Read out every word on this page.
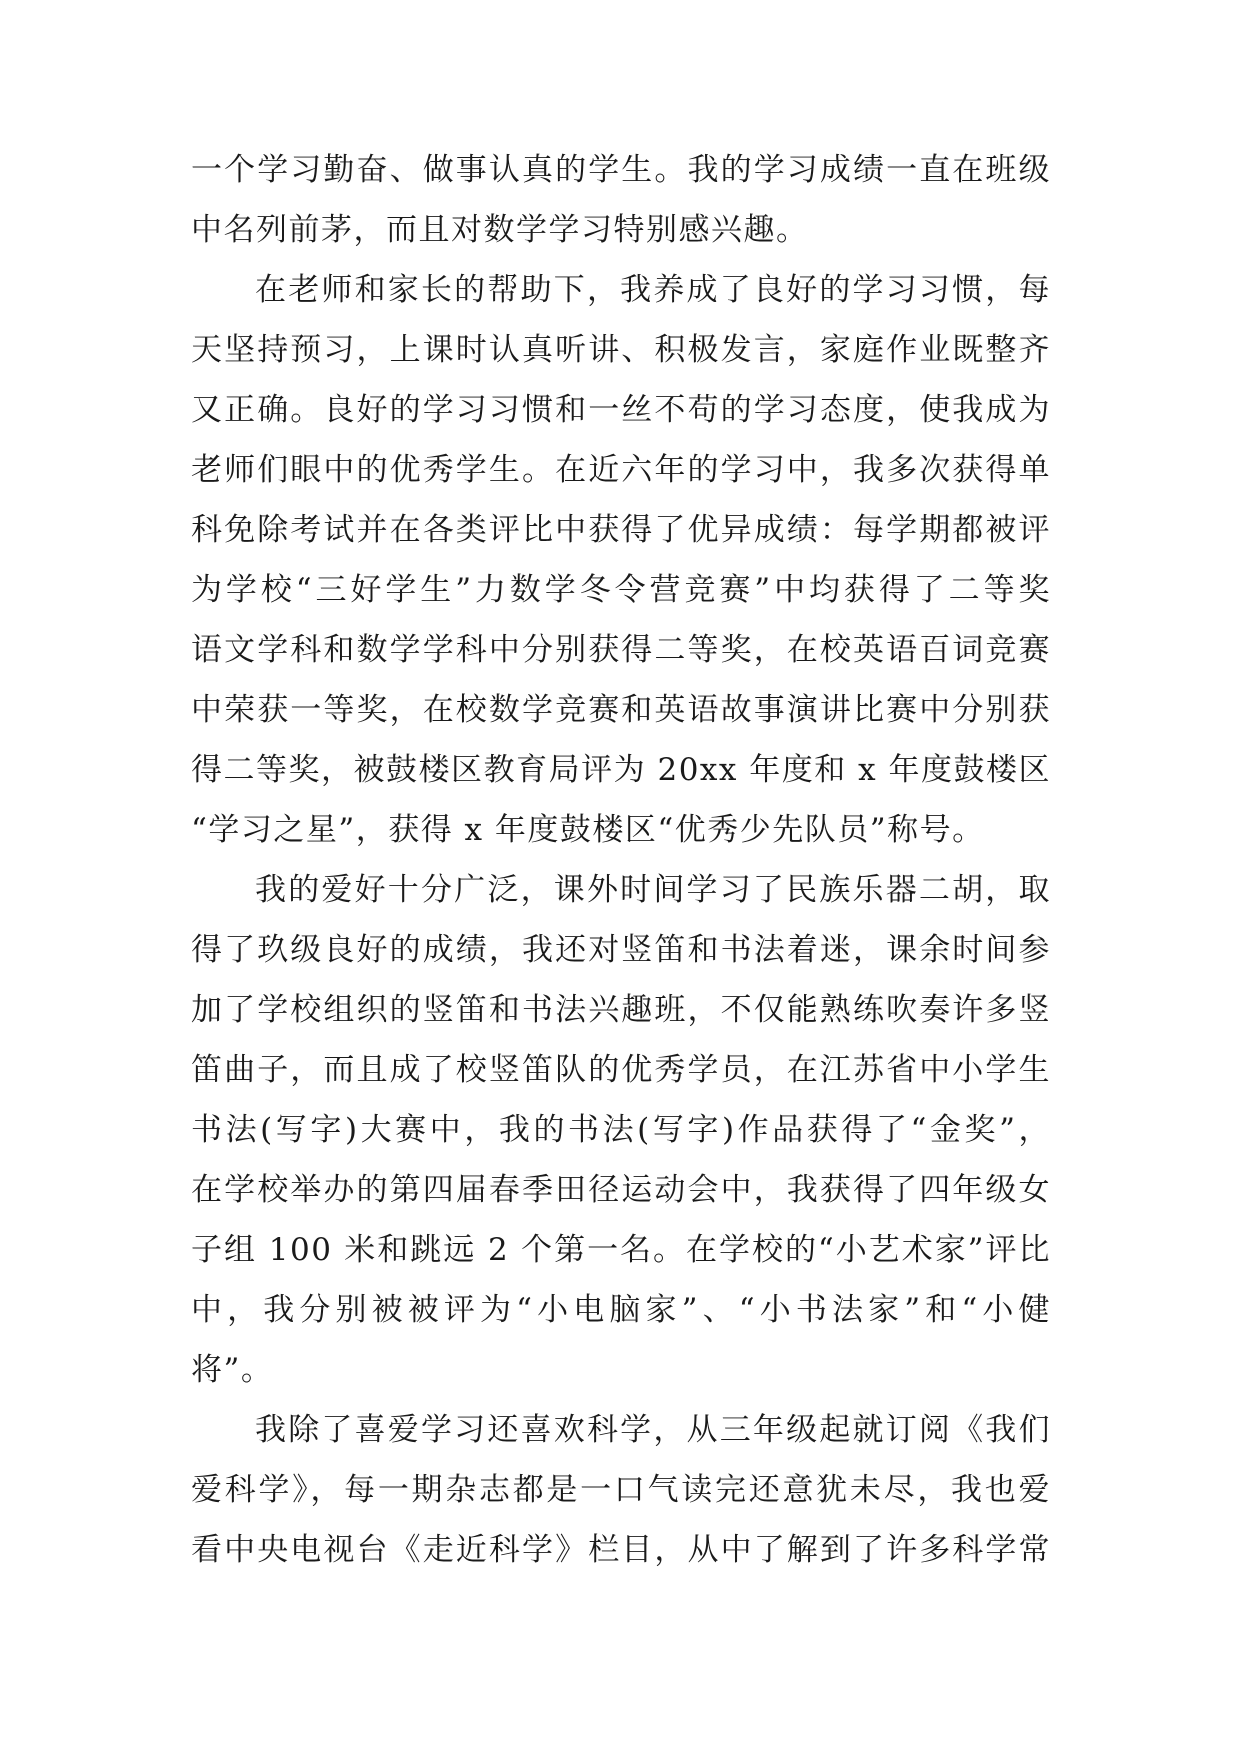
一个学习勤奋、做事认真的学生。我的学习成绩一直在班级
中名列前茅，而且对数学学习特别感兴趣。
在老师和家长的帮助下，我养成了良好的学习习惯，每
天坚持预习，上课时认真听讲、积极发言，家庭作业既整齐
又正确。良好的学习习惯和一丝不苟的学习态度，使我成为
老师们眼中的优秀学生。在近六年的学习中，我多次获得单
科免除考试并在各类评比中获得了优异成绩：每学期都被评
为学校“三好学生”力数学冬令营竞赛”中均获得了二等奖
语文学科和数学学科中分别获得二等奖，在校英语百词竞赛
中荣获一等奖，在校数学竞赛和英语故事演讲比赛中分别获
得二等奖，被鼓楼区教育局评为 20xx 年度和 x 年度鼓楼区
“学习之星”，获得 x 年度鼓楼区“优秀少先队员”称号。
我的爱好十分广泛，课外时间学习了民族乐器二胡，取
得了玖级良好的成绩，我还对竖笛和书法着迷，课余时间参
加了学校组织的竖笛和书法兴趣班，不仅能熟练吹奏许多竖
笛曲子，而且成了校竖笛队的优秀学员，在江苏省中小学生
书法(写字)大赛中，我的书法(写字)作品获得了“金奖”，
在学校举办的第四届春季田径运动会中，我获得了四年级女
子组 100 米和跳远 2 个第一名。在学校的“小艺术家”评比
中，我分别被被评为“小电脑家”、“小书法家”和“小健
将”。
我除了喜爱学习还喜欢科学，从三年级起就订阅《我们
爱科学》，每一期杂志都是一口气读完还意犹未尽，我也爱
看中央电视台《走近科学》栏目，从中了解到了许多科学常
